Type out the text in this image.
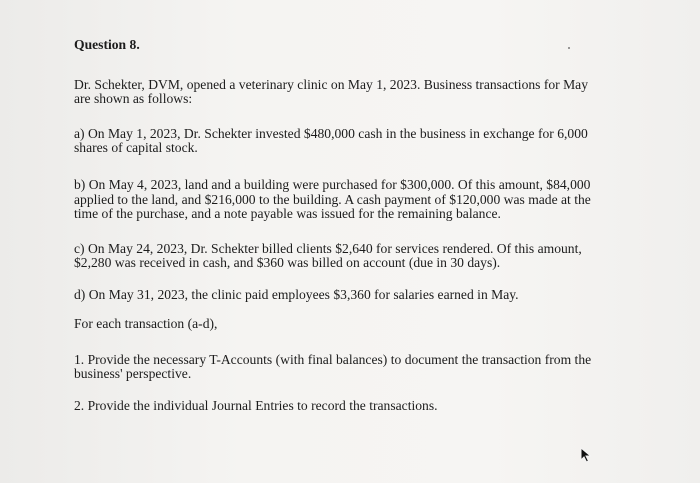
Question 8.
Dr. Schekter, DVM, opened a veterinary clinic on May 1, 2023. Business transactions for May
are shown as follows:
a) On May 1, 2023, Dr. Schekter invested $480,000 cash in the business in exchange for 6,000
shares of capital stock.
b) On May 4, 2023, land and a building were purchased for $300,000. Of this amount, $84,000
applied to the land, and $216,000 to the building. A cash payment of $120,000 was made at the
time of the purchase, and a note payable was issued for the remaining balance.
c) On May 24, 2023, Dr. Schekter billed clients $2,640 for services rendered. Of this amount,
$2,280 was received in cash, and $360 was billed on account (due in 30 days).
d) On May 31, 2023, the clinic paid employees $3,360 for salaries earned in May.
For each transaction (a-d),
1. Provide the necessary T-Accounts (with final balances) to document the transaction from the
business' perspective.
2. Provide the individual Journal Entries to record the transactions.
